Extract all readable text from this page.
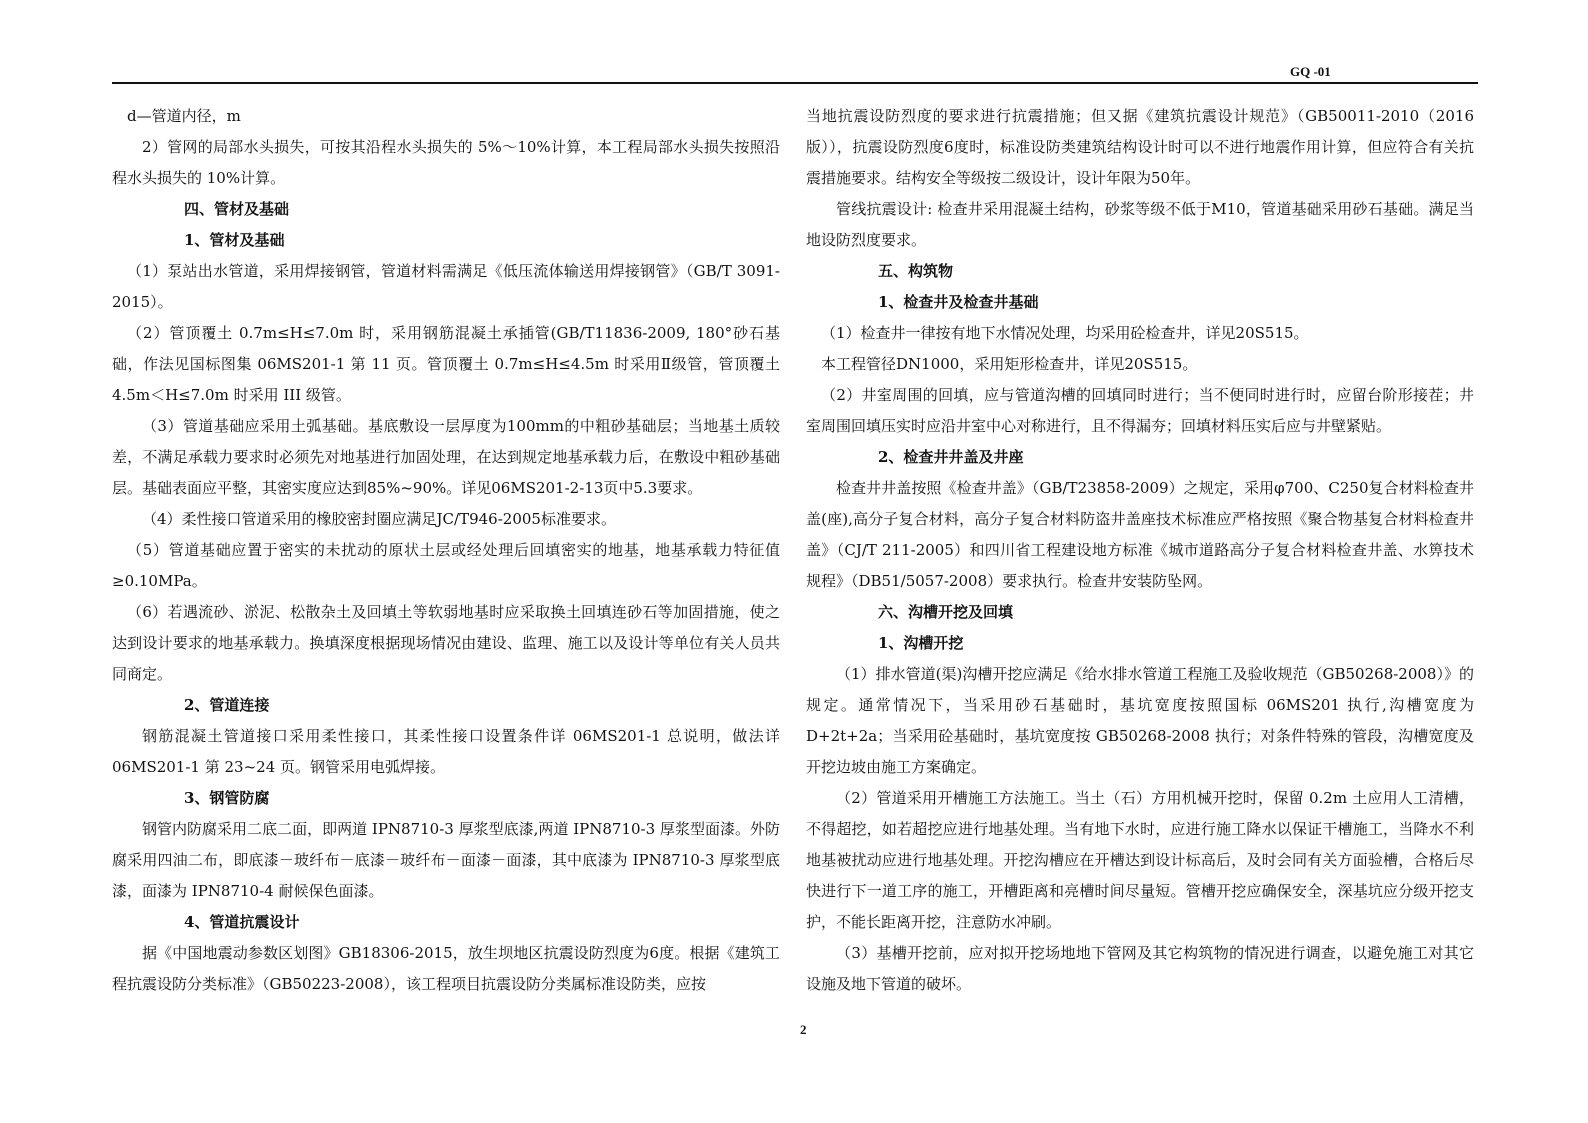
GQ -01

d—管道内径，m

2）管网的局部水头损失，可按其沿程水头损失的 5%～10%计算，本工程局部水头损失按照沿程水头损失的 10%计算。

四、管材及基础

1、管材及基础

（1）泵站出水管道，采用焊接钢管，管道材料需满足《低压流体输送用焊接钢管》（GB/T 3091-2015）。

（2）管顶覆土 0.7m≤H≤7.0m 时，采用钢筋混凝土承插管(GB/T11836-2009, 180°砂石基础，作法见国标图集 06MS201-1 第 11 页。管顶覆土 0.7m≤H≤4.5m 时采用Ⅱ级管，管顶覆土 4.5m＜H≤7.0m 时采用 III 级管。

（3）管道基础应采用土弧基础。基底敷设一层厚度为100mm的中粗砂基础层；当地基土质较差，不满足承载力要求时必须先对地基进行加固处理，在达到规定地基承载力后，在敷设中粗砂基础层。基础表面应平整，其密实度应达到85%~90%。详见06MS201-2-13页中5.3要求。

（4）柔性接口管道采用的橡胶密封圈应满足JC/T946-2005标准要求。

（5）管道基础应置于密实的未扰动的原状土层或经处理后回填密实的地基，地基承载力特征值≥0.10MPa。

（6）若遇流砂、淤泥、松散杂土及回填土等软弱地基时应采取换土回填连砂石等加固措施，使之达到设计要求的地基承载力。换填深度根据现场情况由建设、监理、施工以及设计等单位有关人员共同商定。

2、管道连接

钢筋混凝土管道接口采用柔性接口，其柔性接口设置条件详 06MS201-1 总说明，做法详 06MS201-1 第 23~24 页。钢管采用电弧焊接。

3、钢管防腐

钢管内防腐采用二底二面，即两道 IPN8710-3 厚浆型底漆,两道 IPN8710-3 厚浆型面漆。外防腐采用四油二布，即底漆－玻纤布－底漆－玻纤布－面漆－面漆，其中底漆为 IPN8710-3 厚浆型底漆，面漆为 IPN8710-4 耐候保色面漆。

4、管道抗震设计

据《中国地震动参数区划图》GB18306-2015，放生坝地区抗震设防烈度为6度。根据《建筑工程抗震设防分类标准》（GB50223-2008），该工程项目抗震设防分类属标准设防类，应按

当地抗震设防烈度的要求进行抗震措施；但又据《建筑抗震设计规范》（GB50011-2010（2016版）），抗震设防烈度6度时，标准设防类建筑结构设计时可以不进行地震作用计算，但应符合有关抗震措施要求。结构安全等级按二级设计，设计年限为50年。

管线抗震设计: 检查井采用混凝土结构，砂浆等级不低于M10，管道基础采用砂石基础。满足当地设防烈度要求。

五、构筑物

1、检查井及检查井基础

（1）检查井一律按有地下水情况处理，均采用砼检查井，详见20S515。

本工程管径DN1000，采用矩形检查井，详见20S515。

（2）井室周围的回填，应与管道沟槽的回填同时进行；当不便同时进行时，应留台阶形接茬；井室周围回填压实时应沿井室中心对称进行，且不得漏夯；回填材料压实后应与井壁紧贴。

2、检查井井盖及井座

检查井井盖按照《检查井盖》（GB/T23858-2009）之规定，采用φ700、C250复合材料检查井盖(座),高分子复合材料，高分子复合材料防盗井盖座技术标准应严格按照《聚合物基复合材料检查井盖》（CJ/T 211-2005）和四川省工程建设地方标准《城市道路高分子复合材料检查井盖、水箅技术规程》（DB51/5057-2008）要求执行。检查井安装防坠网。

六、沟槽开挖及回填

1、沟槽开挖

（1）排水管道(渠)沟槽开挖应满足《给水排水管道工程施工及验收规范（GB50268-2008）》的规定。通常情况下，当采用砂石基础时，基坑宽度按照国标 06MS201 执行,沟槽宽度为D+2t+2a；当采用砼基础时，基坑宽度按 GB50268-2008 执行；对条件特殊的管段，沟槽宽度及开挖边坡由施工方案确定。

（2）管道采用开槽施工方法施工。当土（石）方用机械开挖时，保留 0.2m 土应用人工清槽，不得超挖，如若超挖应进行地基处理。当有地下水时，应进行施工降水以保证干槽施工，当降水不利地基被扰动应进行地基处理。开挖沟槽应在开槽达到设计标高后，及时会同有关方面验槽，合格后尽快进行下一道工序的施工，开槽距离和亮槽时间尽量短。管槽开挖应确保安全，深基坑应分级开挖支护，不能长距离开挖，注意防水冲刷。

（3）基槽开挖前，应对拟开挖场地地下管网及其它构筑物的情况进行调查，以避免施工对其它设施及地下管道的破坏。

2
